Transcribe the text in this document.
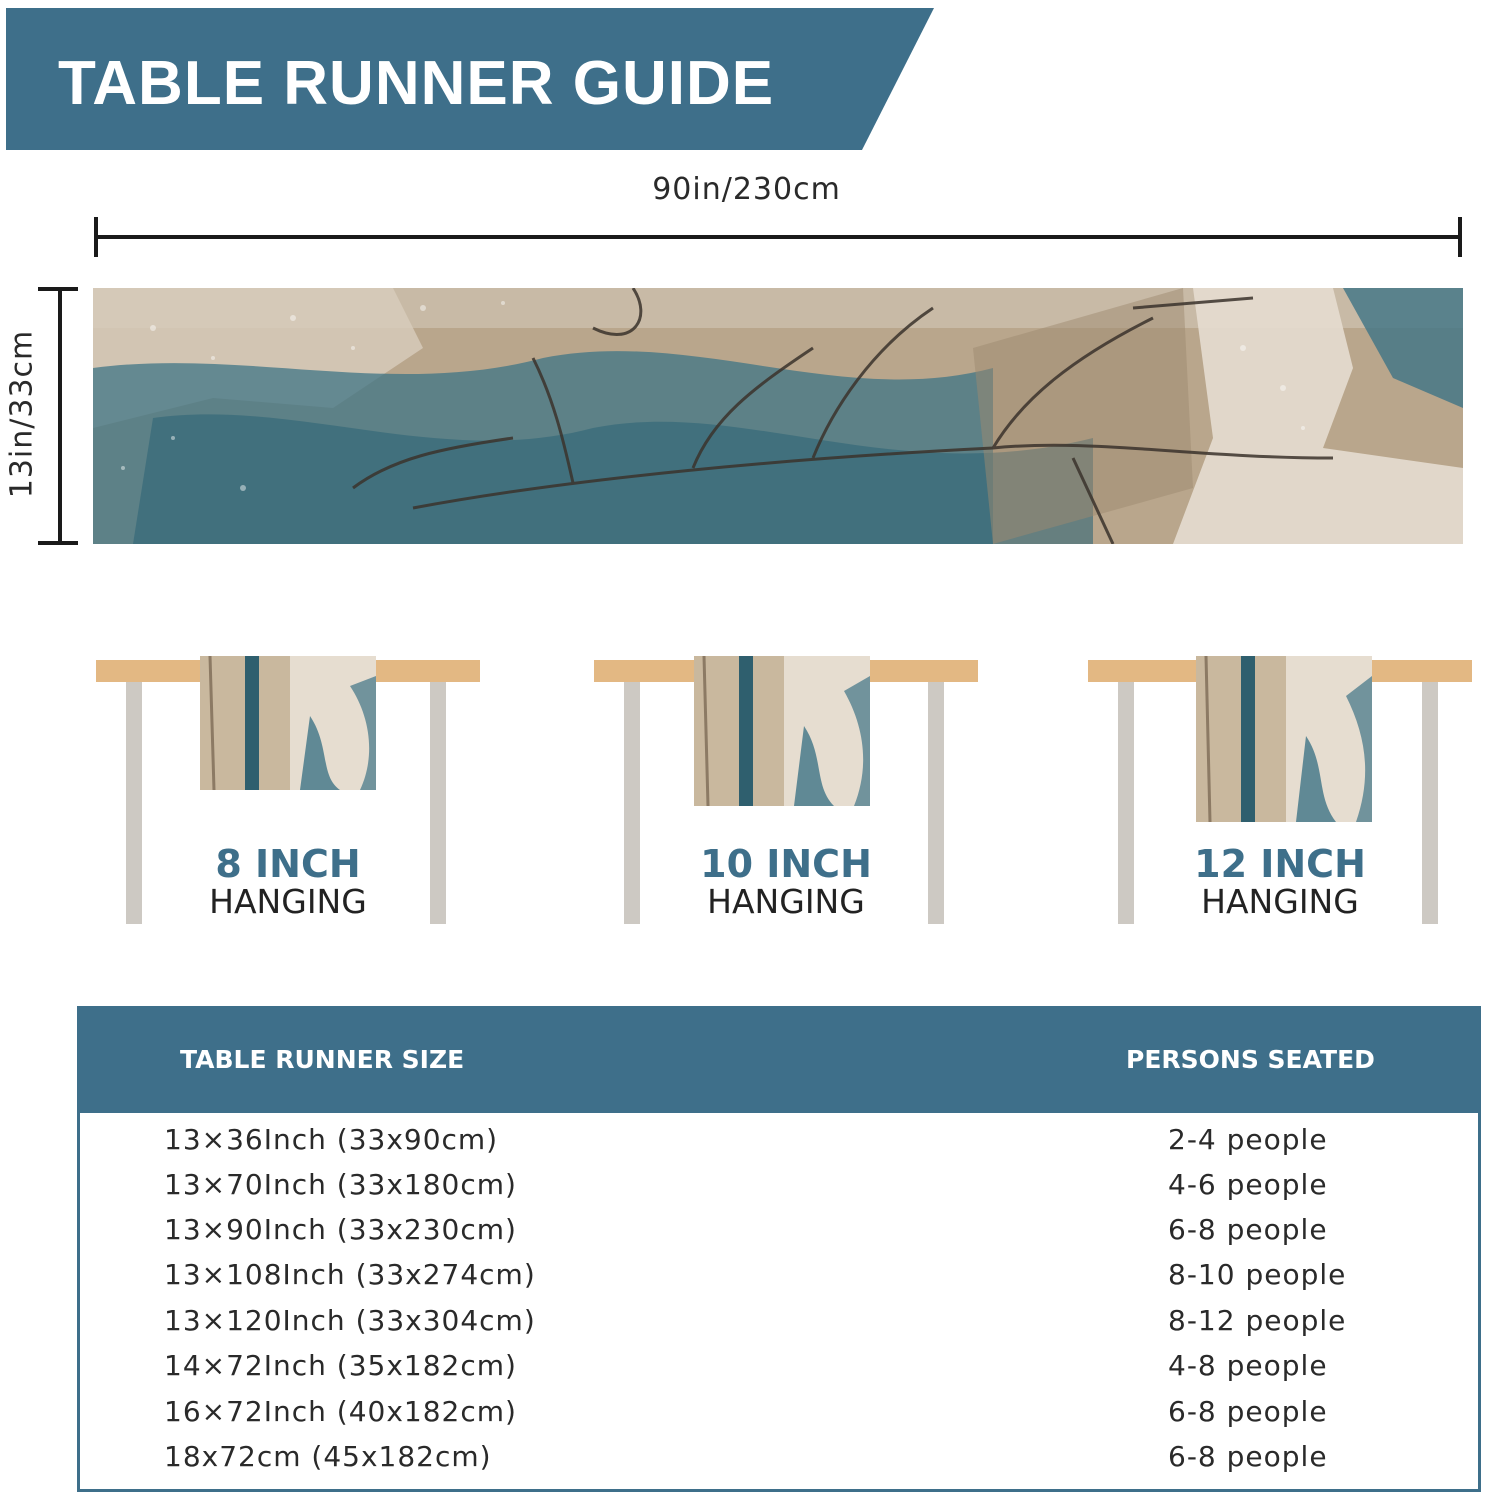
TABLE RUNNER GUIDE
90in/230cm
13in/33cm
8 INCH
HANGING
10 INCH
HANGING
12 INCH
HANGING
TABLE RUNNER SIZE	PERSONS SEATED
13×36Inch (33x90cm)	2-4 people
13×70Inch (33x180cm)	4-6 people
13×90Inch (33x230cm)	6-8 people
13×108Inch (33x274cm)	8-10 people
13×120Inch (33x304cm)	8-12 people
14×72Inch (35x182cm)	4-8 people
16×72Inch (40x182cm)	6-8 people
18x72cm (45x182cm)	6-8 people
